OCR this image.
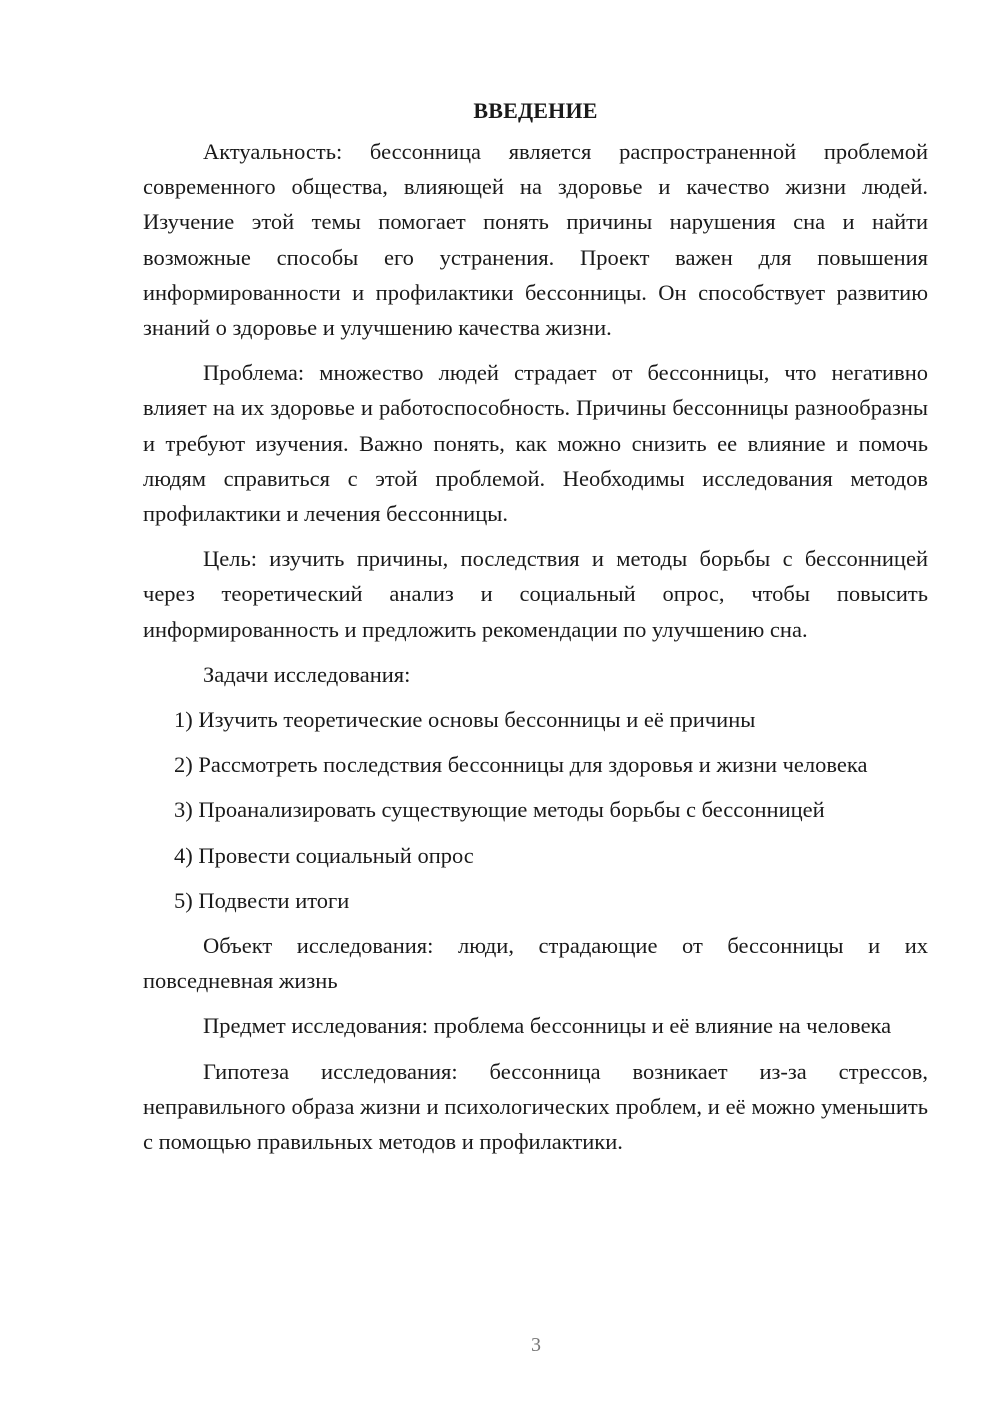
ВВЕДЕНИЕ

Актуальность: бессонница является распространенной проблемой современного общества, влияющей на здоровье и качество жизни людей. Изучение этой темы помогает понять причины нарушения сна и найти возможные способы его устранения. Проект важен для повышения информированности и профилактики бессонницы. Он способствует развитию знаний о здоровье и улучшению качества жизни.

Проблема: множество людей страдает от бессонницы, что негативно влияет на их здоровье и работоспособность. Причины бессонницы разнообразны и требуют изучения. Важно понять, как можно снизить ее влияние и помочь людям справиться с этой проблемой. Необходимы исследования методов профилактики и лечения бессонницы.

Цель: изучить причины, последствия и методы борьбы с бессонницей через теоретический анализ и социальный опрос, чтобы повысить информированность и предложить рекомендации по улучшению сна.

Задачи исследования:

1) Изучить теоретические основы бессонницы и её причины

2) Рассмотреть последствия бессонницы для здоровья и жизни человека

3) Проанализировать существующие методы борьбы с бессонницей

4) Провести социальный опрос

5) Подвести итоги

Объект исследования: люди, страдающие от бессонницы и их повседневная жизнь

Предмет исследования: проблема бессонницы и её влияние на человека

Гипотеза исследования: бессонница возникает из-за стрессов, неправильного образа жизни и психологических проблем, и её можно уменьшить с помощью правильных методов и профилактики.

3
